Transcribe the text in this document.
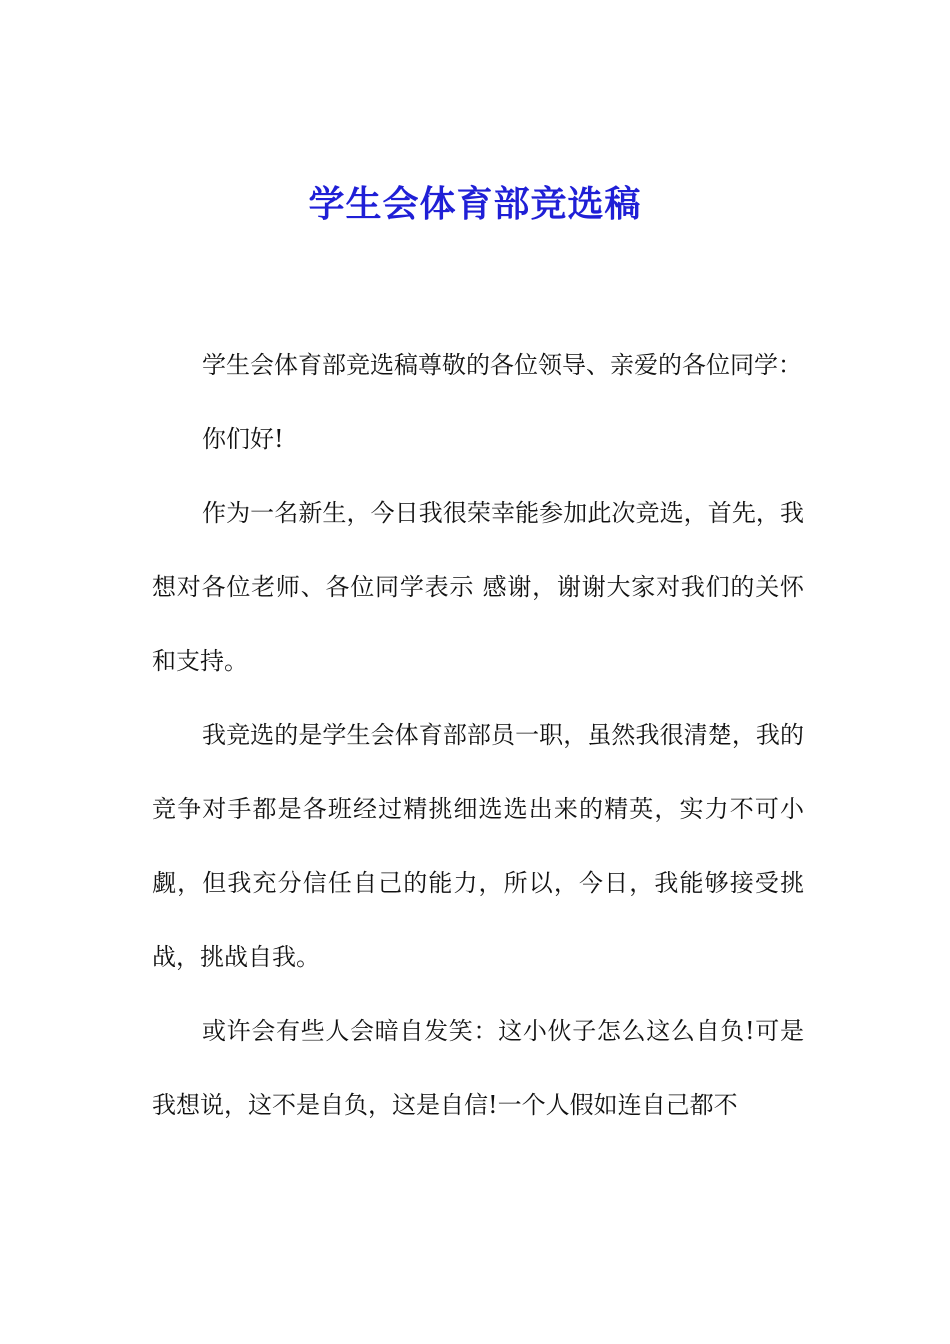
学生会体育部竞选稿

学生会体育部竞选稿尊敬的各位领导、亲爱的各位同学：

你们好!

作为一名新生，今日我很荣幸能参加此次竞选，首先，我想对各位老师、各位同学表示 感谢，谢谢大家对我们的关怀和支持。

我竞选的是学生会体育部部员一职，虽然我很清楚，我的竞争对手都是各班经过精挑细选选出来的精英，实力不可小觑，但我充分信任自己的能力，所以，今日，我能够接受挑战，挑战自我。

或许会有些人会暗自发笑：这小伙子怎么这么自负!可是我想说，这不是自负，这是自信!一个人假如连自己都不
